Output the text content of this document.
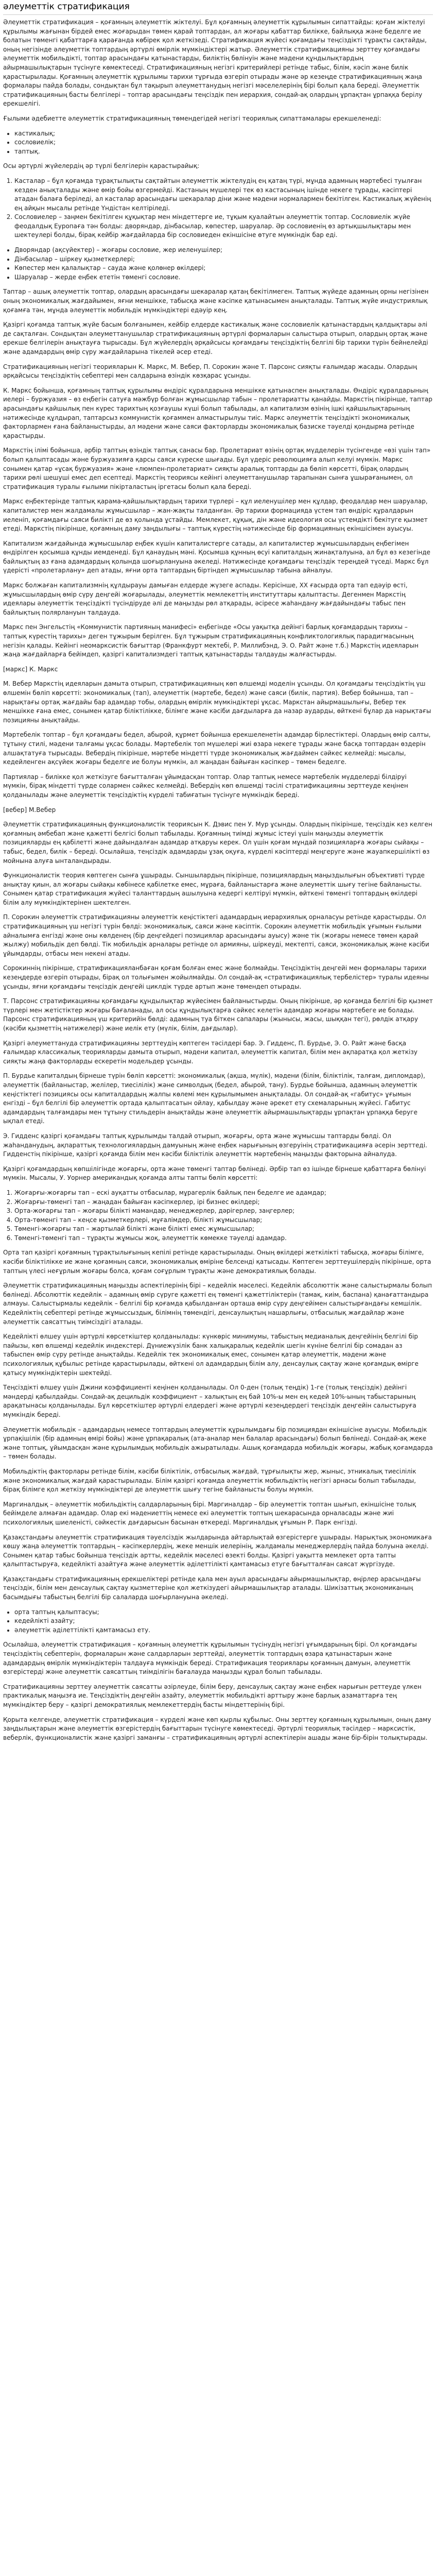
әлеуметтік стратификация

Әлеуметтік стратификация – қоғамның әлеуметтік жіктелуі. Бұл қоғамның әлеуметтік құрылымын сипаттайды: қоғам жіктелуі құрылымы жағынан бірдей емес жоғарыдан төмен қарай топтардан, ал жоғары қабаттар билікке, байлыққа және беделге ие болатын төменгі қабаттарға қарағанда көбірек қол жеткізеді. Стратификация жүйесі қоғамдағы теңсіздікті тұрақты сақтайды, оның негізінде әлеуметтік топтардың әртүрлі өмірлік мүмкіндіктері жатыр. Әлеуметтік стратификацияны зерттеу қоғамдағы әлеуметтік мобильдікті, топтар арасындағы қатынастарды, биліктің бөлінуін және мәдени құндылықтардың айырмашылықтарын түсінуге көмектеседі. Стратификацияның негізгі критерийлері ретінде табыс, білім, кәсіп және билік қарастырылады. Қоғамның әлеуметтік құрылымы тарихи тұрғыда өзгеріп отырады және әр кезеңде стратификацияның жаңа формалары пайда болады, сондықтан бұл тақырып әлеуметтанудың негізгі мәселелерінің бірі болып қала береді. Әлеуметтік стратификацияның басты белгілері – топтар арасындағы теңсіздік пен иерархия, сондай-ақ олардың ұрпақтан ұрпаққа берілу ерекшелігі.

Ғылыми әдебиетте әлеуметтік стратификацияның төмендегідей негізгі теориялық сипаттамалары ерекшеленеді:

• кастикалық;
• сословиелік;
• таптық.

Осы әртүрлі жүйелердің әр түрлі белгілерін қарастырайық:

1. Касталар – бұл қоғамда тұрақтылықты сақтайтын әлеуметтік жіктелудің ең қатаң түрі, мұнда адамның мәртебесі туылған кезден анықталады және өмір бойы өзгермейді. Кастаның мүшелері тек өз кастасының ішінде некеге тұрады, кәсіптері атадан балаға беріледі, ал касталар арасындағы шекаралар діни және мәдени нормалармен бекітілген. Кастикалық жүйенің ең айқын мысалы ретінде Үндістан келтіріледі.
2. Сословиелер – заңмен бекітілген құқықтар мен міндеттерге ие, тұқым қуалайтын әлеуметтік топтар. Сословиелік жүйе феодалдық Еуропаға тән болды: дворяндар, дінбасылар, көпестер, шаруалар. Әр сословиенің өз артықшылықтары мен шектеулері болды, бірақ кейбір жағдайларда бір сословиеден екіншісіне өтуге мүмкіндік бар еді.
• Дворяндар (ақсүйектер) – жоғары сословие, жер иеленушілер;
• Дінбасылар – шіркеу қызметкерлері;
• Көпестер мен қалалықтар – сауда және қолөнер өкілдері;
• Шаруалар – жерде еңбек ететін төменгі сословие.

Таптар – ашық әлеуметтік топтар, олардың арасындағы шекаралар қатаң бекітілмеген. Таптық жүйеде адамның орны негізінен оның экономикалық жағдайымен, яғни меншікке, табысқа және кәсіпке қатынасымен анықталады. Таптық жүйе индустриялық қоғамға тән, мұнда әлеуметтік мобильдік мүмкіндіктері едәуір кең.

Қазіргі қоғамда таптық жүйе басым болғанымен, кейбір елдерде кастикалық және сословиелік қатынастардың қалдықтары әлі де сақталған. Сондықтан әлеуметтанушылар стратификацияның әртүрлі формаларын салыстыра отырып, олардың ортақ және ерекше белгілерін анықтауға тырысады. Бұл жүйелердің әрқайсысы қоғамдағы теңсіздіктің белгілі бір тарихи түрін бейнелейді және адамдардың өмір сүру жағдайларына тікелей әсер етеді.

Стратификацияның негізгі теорияларын К. Маркс, М. Вебер, П. Сорокин және Т. Парсонс сияқты ғалымдар жасады. Олардың әрқайсысы теңсіздіктің себептері мен салдарына өзіндік көзқарас ұсынды.

К. Маркс бойынша, қоғамның таптық құрылымы өндіріс құралдарына меншікке қатынаспен анықталады. Өндіріс құралдарының иелері – буржуазия – өз еңбегін сатуға мәжбүр болған жұмысшылар табын – пролетариатты қанайды. Маркстің пікірінше, таптар арасындағы қайшылық пен күрес тарихтың қозғаушы күші болып табылады, ал капитализм өзінің ішкі қайшылықтарының нәтижесінде құлдырап, таптарсыз коммунистік қоғаммен алмастырылуы тиіс. Маркс әлеуметтік теңсіздікті экономикалық факторлармен ғана байланыстырды, ал мәдени және саяси факторларды экономикалық базиске тәуелді қондырма ретінде қарастырды.

Маркстің ілімі бойынша, әрбір таптың өзіндік таптық санасы бар. Пролетариат өзінің ортақ мүдделерін түсінгенде «өзі үшін тап» болып қалыптасады және буржуазияға қарсы саяси күреске шығады. Бұл үдеріс революцияға алып келуі мүмкін. Маркс сонымен қатар «ұсақ буржуазия» және «люмпен-пролетариат» сияқты аралық топтарды да бөліп көрсетті, бірақ олардың тарихи рөлі шешуші емес деп есептеді. Маркстің теориясы кейінгі әлеуметтанушылар тарапынан сынға ұшырағанымен, ол стратификация туралы ғылыми пікірталастың іргетасы болып қала береді.

Маркс еңбектерінде таптық қарама-қайшылықтардың тарихи түрлері – құл иеленушілер мен құлдар, феодалдар мен шаруалар, капиталистер мен жалдамалы жұмысшылар – жан-жақты талданған. Әр тарихи формацияда үстем тап өндіріс құралдарын иеленіп, қоғамдағы саяси билікті де өз қолында ұстайды. Мемлекет, құқық, дін және идеология осы үстемдікті бекітуге қызмет етеді. Маркстің пікірінше, қоғамның даму заңдылығы – таптық күрестің нәтижесінде бір формацияның екіншісімен ауысуы.

Капитализм жағдайында жұмысшылар еңбек күшін капиталистерге сатады, ал капиталистер жұмысшылардың еңбегімен өндірілген қосымша құнды иемденеді. Бұл қанаудың мәні. Қосымша құнның өсуі капиталдың жинақталуына, ал бұл өз кезегінде байлықтың аз ғана адамдардың қолында шоғырлануына әкеледі. Нәтижесінде қоғамдағы теңсіздік тереңдей түседі. Маркс бұл үдерісті «пролетарлану» деп атады, яғни орта таптардың біртіндеп жұмысшылар табына айналуы.

Маркс болжаған капитализмнің құлдырауы дамыған елдерде жүзеге аспады. Керісінше, XX ғасырда орта тап едәуір өсті, жұмысшылардың өмір сүру деңгейі жоғарылады, әлеуметтік мемлекеттің институттары қалыптасты. Дегенмен Маркстің идеялары әлеуметтік теңсіздікті түсіндіруде әлі де маңызды рөл атқарады, әсіресе жаһандану жағдайындағы табыс пен байлықтың полярлануын талдауда.

Маркс пен Энгельстің «Коммунистік партияның манифесі» еңбегінде «Осы уақытқа дейінгі барлық қоғамдардың тарихы – таптық күрестің тарихы» деген тұжырым берілген. Бұл тұжырым стратификацияның конфликтологиялық парадигмасының негізін қалады. Кейінгі неомарксистік бағыттар (Франкфурт мектебі, Р. Миллибэнд, Э. О. Райт және т.б.) Маркстің идеяларын жаңа жағдайларға бейімдеп, қазіргі капитализмдегі таптық қатынастарды талдауды жалғастырды.

[маркс] К. Маркс

М. Вебер Маркстің идеяларын дамыта отырып, стратификацияның көп өлшемді моделін ұсынды. Ол қоғамдағы теңсіздіктің үш өлшемін бөліп көрсетті: экономикалық (тап), әлеуметтік (мәртебе, бедел) және саяси (билік, партия). Вебер бойынша, тап – нарықтағы ортақ жағдайы бар адамдар тобы, олардың өмірлік мүмкіндіктері ұқсас. Маркстан айырмашылығы, Вебер тек меншікке ғана емес, сонымен қатар біліктілікке, білімге және кәсіби дағдыларға да назар аударды, өйткені бұлар да нарықтағы позицияны анықтайды.

Мәртебелік топтар – бұл қоғамдағы бедел, абырой, құрмет бойынша ерекшеленетін адамдар бірлестіктері. Олардың өмір салты, тұтыну стилі, мәдени талғамы ұқсас болады. Мәртебелік топ мүшелері жиі өзара некеге тұрады және басқа топтардан өздерін алшақтатуға тырысады. Вебердің пікірінше, мәртебе міндетті түрде экономикалық жағдаймен сәйкес келмейді: мысалы, кедейленген ақсүйек жоғары беделге ие болуы мүмкін, ал жаңадан байыған кәсіпкер – төмен беделге.

Партиялар – билікке қол жеткізуге бағытталған ұйымдасқан топтар. Олар таптық немесе мәртебелік мүдделерді білдіруі мүмкін, бірақ міндетті түрде солармен сәйкес келмейді. Вебердің көп өлшемді тәсілі стратификацияны зерттеуде кеңінен қолданылады және әлеуметтік теңсіздіктің күрделі табиғатын түсінуге мүмкіндік береді.

[вебер] М.Вебер

Әлеуметтік стратификацияның функционалистік теориясын К. Дэвис пен У. Мур ұсынды. Олардың пікірінше, теңсіздік кез келген қоғамның әмбебап және қажетті белгісі болып табылады. Қоғамның тиімді жұмыс істеуі үшін маңызды әлеуметтік позицияларды ең қабілетті және дайындалған адамдар атқаруы керек. Ол үшін қоғам мұндай позицияларға жоғары сыйақы – табыс, бедел, билік – береді. Осылайша, теңсіздік адамдарды ұзақ оқуға, күрделі кәсіптерді меңгеруге және жауапкершілікті өз мойнына алуға ынталандырады.

Функционалистік теория көптеген сынға ұшырады. Сыншылардың пікірінше, позициялардың маңыздылығын объективті түрде анықтау қиын, ал жоғары сыйақы көбінесе қабілетке емес, мұраға, байланыстарға және әлеуметтік шығу тегіне байланысты. Сонымен қатар стратификация жүйесі таланттардың ашылуына кедергі келтіруі мүмкін, өйткені төменгі топтардың өкілдері білім алу мүмкіндіктерінен шектелген.

П. Сорокин әлеуметтік стратификацияны әлеуметтік кеңістіктегі адамдардың иерархиялық орналасуы ретінде қарастырды. Ол стратификацияның үш негізгі түрін бөлді: экономикалық, саяси және кәсіптік. Сорокин әлеуметтік мобильдік ұғымын ғылыми айналымға енгізді және оны көлденең (бір деңгейдегі позициялар арасындағы ауысу) және тік (жоғары немесе төмен қарай жылжу) мобильдік деп бөлді. Тік мобильдік арналары ретінде ол армияны, шіркеуді, мектепті, саяси, экономикалық және кәсіби ұйымдарды, отбасы мен некені атады.

Сорокиннің пікірінше, стратификацияланбаған қоғам болған емес және болмайды. Теңсіздіктің деңгейі мен формалары тарихи кезеңдерде өзгеріп отырады, бірақ ол толығымен жойылмайды. Ол сондай-ақ «стратификациялық тербелістер» туралы идеяны ұсынды, яғни қоғамдағы теңсіздік деңгейі циклдік түрде артып және төмендеп отырады.

Т. Парсонс стратификацияны қоғамдағы құндылықтар жүйесімен байланыстырды. Оның пікірінше, әр қоғамда белгілі бір қызмет түрлері мен жетістіктер жоғары бағаланады, ал осы құндылықтарға сәйкес келетін адамдар жоғары мәртебеге ие болады. Парсонс стратификацияның үш критерийін бөлді: адамның туа біткен сапалары (жынысы, жасы, шыққан тегі), рөлдік атқару (кәсіби қызметтің нәтижелері) және иелік ету (мүлік, білім, дағдылар).

Қазіргі әлеуметтануда стратификацияны зерттеудің көптеген тәсілдері бар. Э. Гидденс, П. Бурдье, Э. О. Райт және басқа ғалымдар классикалық теорияларды дамыта отырып, мәдени капитал, әлеуметтік капитал, білім мен ақпаратқа қол жеткізу сияқты жаңа факторларды ескеретін модельдер ұсынды.

П. Бурдье капиталдың бірнеше түрін бөліп көрсетті: экономикалық (ақша, мүлік), мәдени (білім, біліктілік, талғам, дипломдар), әлеуметтік (байланыстар, желілер, тиесілілік) және символдық (бедел, абырой, тану). Бурдье бойынша, адамның әлеуметтік кеңістіктегі позициясы осы капиталдардың жалпы көлемі мен құрылымымен анықталады. Ол сондай-ақ «габитус» ұғымын енгізді – бұл белгілі бір әлеуметтік ортада қалыптасатын ойлау, қабылдау және әрекет ету схемаларының жүйесі. Габитус адамдардың талғамдары мен тұтыну стильдерін анықтайды және әлеуметтік айырмашылықтарды ұрпақтан ұрпаққа беруге ықпал етеді.

Э. Гидденс қазіргі қоғамдағы таптық құрылымды талдай отырып, жоғарғы, орта және жұмысшы таптарды бөлді. Ол жаһанданудың, ақпараттық технологиялардың дамуының және еңбек нарығының өзгеруінің стратификацияға әсерін зерттеді. Гидденстің пікірінше, қазіргі қоғамда білім мен кәсіби біліктілік әлеуметтік мәртебенің маңызды факторына айналуда.

Қазіргі қоғамдардың көпшілігінде жоғарғы, орта және төменгі таптар бөлінеді. Әрбір тап өз ішінде бірнеше қабаттарға бөлінуі мүмкін. Мысалы, У. Уорнер американдық қоғамда алты тапты бөліп көрсетті:

1. Жоғарғы-жоғарғы тап – ескі ауқатты отбасылар, мұрагерлік байлық пен беделге ие адамдар;
2. Жоғарғы-төменгі тап – жаңадан байыған кәсіпкерлер, ірі бизнес өкілдері;
3. Орта-жоғарғы тап – жоғары білікті мамандар, менеджерлер, дәрігерлер, заңгерлер;
4. Орта-төменгі тап – кеңсе қызметкерлері, мұғалімдер, білікті жұмысшылар;
5. Төменгі-жоғарғы тап – жартылай білікті және білікті емес жұмысшылар;
6. Төменгі-төменгі тап – тұрақты жұмысы жоқ, әлеуметтік көмекке тәуелді адамдар.

Орта тап қазіргі қоғамның тұрақтылығының кепілі ретінде қарастырылады. Оның өкілдері жеткілікті табысқа, жоғары білімге, кәсіби біліктілікке ие және қоғамның саяси, экономикалық өміріне белсенді қатысады. Көптеген зерттеушілердің пікірінше, орта таптың үлесі неғұрлым жоғары болса, қоғам соғұрлым тұрақты және демократиялық болады.

Әлеуметтік стратификацияның маңызды аспектілерінің бірі – кедейлік мәселесі. Кедейлік абсолюттік және салыстырмалы болып бөлінеді. Абсолюттік кедейлік – адамның өмір сүруге қажетті ең төменгі қажеттіліктерін (тамақ, киім, баспана) қанағаттандыра алмауы. Салыстырмалы кедейлік – белгілі бір қоғамда қабылданған орташа өмір сүру деңгейімен салыстырғандағы кемшілік. Кедейліктің себептері ретінде жұмыссыздық, білімнің төмендігі, денсаулықтың нашарлығы, отбасылық жағдайлар және әлеуметтік саясаттың тиімсіздігі аталады.

Кедейлікті өлшеу үшін әртүрлі көрсеткіштер қолданылады: күнкөріс минимумы, табыстың медианалық деңгейінің белгілі бір пайызы, көп өлшемді кедейлік индекстері. Дүниежүзілік банк халықаралық кедейлік шегін күніне белгілі бір сомадан аз табыспен өмір сүру ретінде анықтайды. Кедейлік тек экономикалық емес, сонымен қатар әлеуметтік, мәдени және психологиялық құбылыс ретінде қарастырылады, өйткені ол адамдардың білім алу, денсаулық сақтау және қоғамдық өмірге қатысу мүмкіндіктерін шектейді.

Теңсіздікті өлшеу үшін Джини коэффициенті кеңінен қолданылады. Ол 0-ден (толық теңдік) 1-ге (толық теңсіздік) дейінгі мәндерді қабылдайды. Сондай-ақ децильдік коэффициент – халықтың ең бай 10%-ы мен ең кедей 10%-ының табыстарының арақатынасы қолданылады. Бұл көрсеткіштер әртүрлі елдердегі және әртүрлі кезеңдердегі теңсіздік деңгейін салыстыруға мүмкіндік береді.

Әлеуметтік мобильдік – адамдардың немесе топтардың әлеуметтік құрылымдағы бір позициядан екіншісіне ауысуы. Мобильдік ұрпақішілік (бір адамның өмірі бойы) және ұрпақаралық (ата-аналар мен балалар арасындағы) болып бөлінеді. Сондай-ақ жеке және топтық, ұйымдасқан және құрылымдық мобильдік ажыратылады. Ашық қоғамдарда мобильдік жоғары, жабық қоғамдарда – төмен болады.

Мобильдіктің факторлары ретінде білім, кәсіби біліктілік, отбасылық жағдай, тұрғылықты жер, жыныс, этникалық тиесілілік және экономикалық жағдай қарастырылады. Білім қазіргі қоғамда әлеуметтік мобильдіктің негізгі арнасы болып табылады, бірақ білімге қол жеткізу мүмкіндіктері де әлеуметтік шығу тегіне байланысты болуы мүмкін.

Маргиналдық – әлеуметтік мобильдіктің салдарларының бірі. Маргиналдар – бір әлеуметтік топтан шығып, екіншісіне толық бейімделе алмаған адамдар. Олар екі мәдениеттің немесе екі әлеуметтік топтың шекарасында орналасады және жиі психологиялық шиеленісті, сәйкестік дағдарысын басынан өткереді. Маргиналдық ұғымын Р. Парк енгізді.

Қазақстандағы әлеуметтік стратификация тәуелсіздік жылдарында айтарлықтай өзгерістерге ұшырады. Нарықтық экономикаға көшу жаңа әлеуметтік топтардың – кәсіпкерлердің, жеке меншік иелерінің, жалдамалы менеджерлердің пайда болуына әкелді. Сонымен қатар табыс бойынша теңсіздік артты, кедейлік мәселесі өзекті болды. Қазіргі уақытта мемлекет орта тапты қалыптастыруға, кедейлікті азайтуға және әлеуметтік әділеттілікті қамтамасыз етуге бағытталған саясат жүргізуде.

Қазақстандағы стратификацияның ерекшеліктері ретінде қала мен ауыл арасындағы айырмашылықтар, өңірлер арасындағы теңсіздік, білім мен денсаулық сақтау қызметтеріне қол жеткізудегі айырмашылықтар аталады. Шикізаттық экономиканың басымдығы табыстың белгілі бір салаларда шоғырлануына әкеледі.

• орта таптың қалыптасуы;
• кедейлікті азайту;
• әлеуметтік әділеттілікті қамтамасыз ету.

Осылайша, әлеуметтік стратификация – қоғамның әлеуметтік құрылымын түсінудің негізгі ұғымдарының бірі. Ол қоғамдағы теңсіздіктің себептерін, формаларын және салдарларын зерттейді, әлеуметтік топтардың өзара қатынастарын және адамдардың өмірлік мүмкіндіктерін талдауға мүмкіндік береді. Стратификация теориялары қоғамның дамуын, әлеуметтік өзгерістерді және әлеуметтік саясаттың тиімділігін бағалауда маңызды құрал болып табылады.

Стратификацияны зерттеу әлеуметтік саясатты әзірлеуде, білім беру, денсаулық сақтау және еңбек нарығын реттеуде үлкен практикалық маңызға ие. Теңсіздіктің деңгейін азайту, әлеуметтік мобильдікті арттыру және барлық азаматтарға тең мүмкіндіктер беру – қазіргі демократиялық мемлекеттердің басты міндеттерінің бірі.

Қорыта келгенде, әлеуметтік стратификация – күрделі және көп қырлы құбылыс. Оны зерттеу қоғамның құрылымын, оның даму заңдылықтарын және әлеуметтік өзгерістердің бағыттарын түсінуге көмектеседі. Әртүрлі теориялық тәсілдер – марксистік, веберлік, функционалистік және қазіргі заманғы – стратификацияның әртүрлі аспектілерін ашады және бір-бірін толықтырады.
